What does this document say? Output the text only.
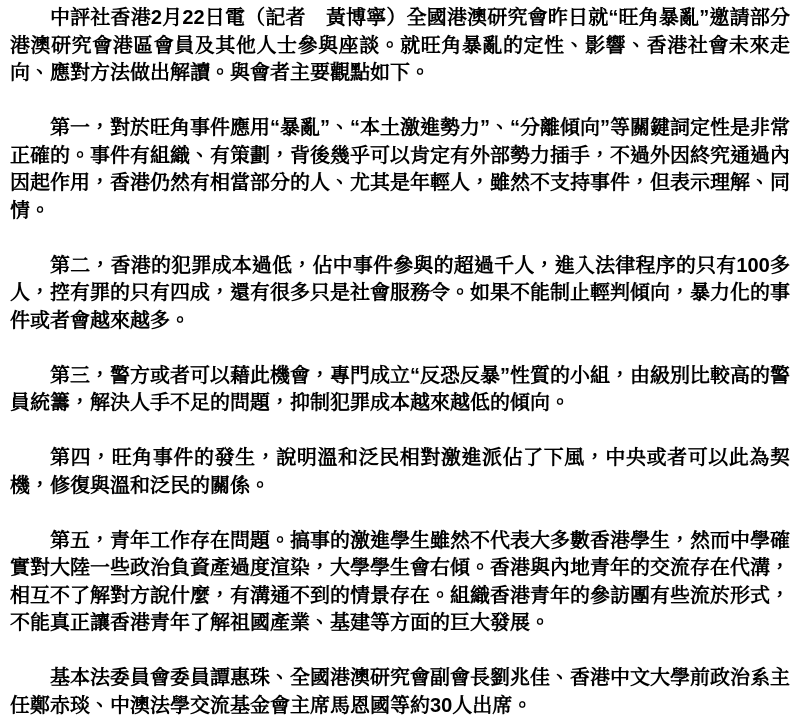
中評社香港2月22日電（記者　黃博寧）全國港澳研究會昨日就“旺角暴亂”邀請部分港澳研究會港區會員及其他人士參與座談。就旺角暴亂的定性、影響、香港社會未來走向、應對方法做出解讀。與會者主要觀點如下。

第一，對於旺角事件應用“暴亂”、“本土激進勢力”、“分離傾向”等關鍵詞定性是非常正確的。事件有組織、有策劃，背後幾乎可以肯定有外部勢力插手，不過外因終究通過內因起作用，香港仍然有相當部分的人、尤其是年輕人，雖然不支持事件，但表示理解、同情。

第二，香港的犯罪成本過低，佔中事件參與的超過千人，進入法律程序的只有100多人，控有罪的只有四成，還有很多只是社會服務令。如果不能制止輕判傾向，暴力化的事件或者會越來越多。

第三，警方或者可以藉此機會，專門成立“反恐反暴”性質的小組，由級別比較高的警員統籌，解決人手不足的問題，抑制犯罪成本越來越低的傾向。

第四，旺角事件的發生，說明溫和泛民相對激進派佔了下風，中央或者可以此為契機，修復與溫和泛民的關係。

第五，青年工作存在問題。搞事的激進學生雖然不代表大多數香港學生，然而中學確實對大陸一些政治負資產過度渲染，大學學生會右傾。香港與內地青年的交流存在代溝，相互不了解對方說什麼，有溝通不到的情景存在。組織香港青年的參訪團有些流於形式，不能真正讓香港青年了解祖國產業、基建等方面的巨大發展。

基本法委員會委員譚惠珠、全國港澳研究會副會長劉兆佳、香港中文大學前政治系主任鄭赤琰、中澳法學交流基金會主席馬恩國等約30人出席。
